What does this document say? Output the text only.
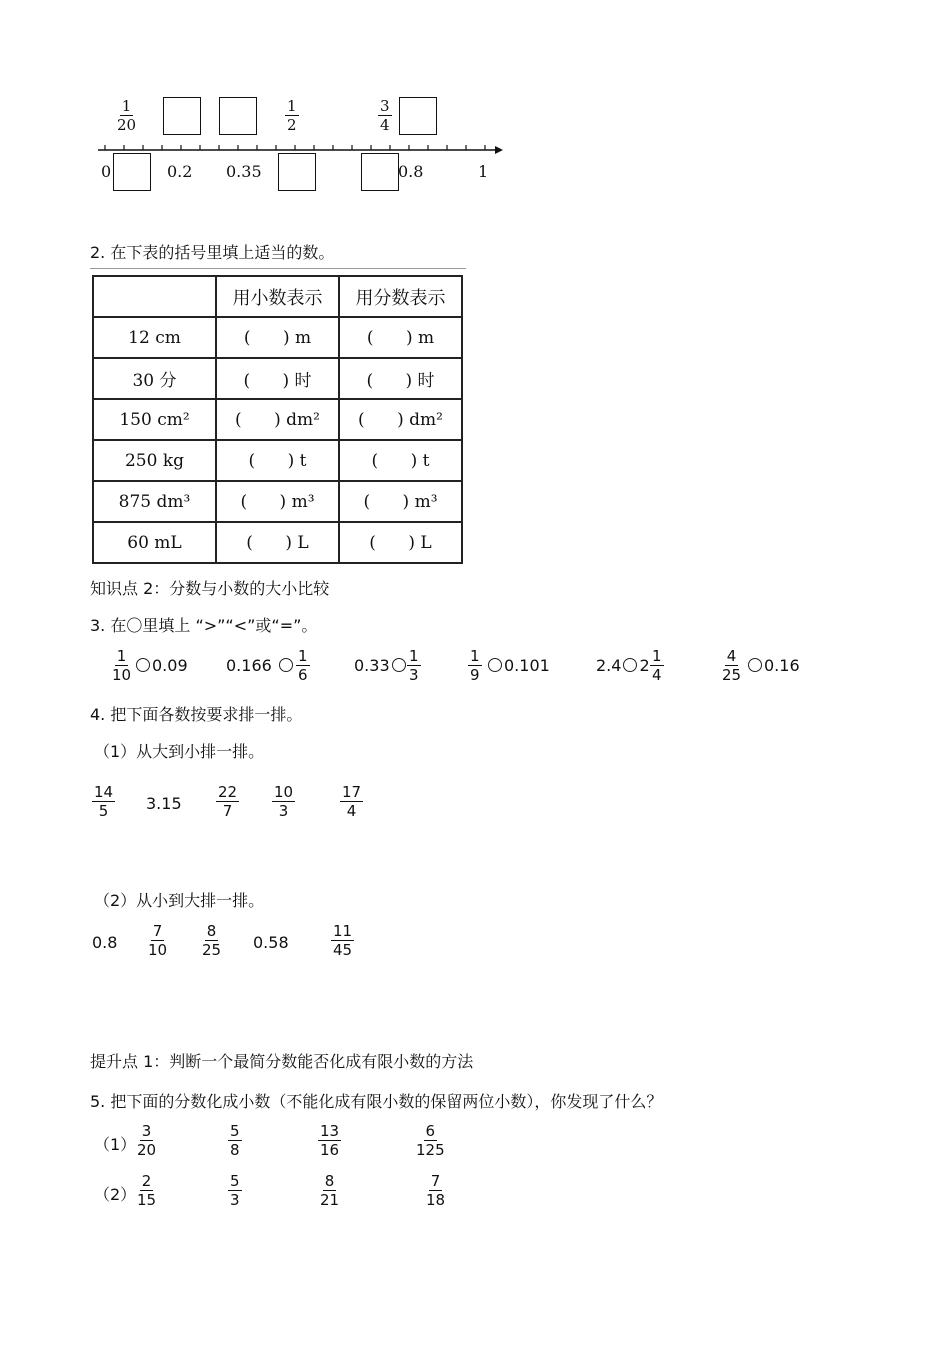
$\frac{1}{20}$	$\frac{1}{2}$	$\frac{3}{4}$
0	0.2 0.35	0.8	1
2. 在下表的括号里填上适当的数。
	用小数表示	用分数表示
12 cm	(      ) m	(      ) m
30 分	(      ) 时	(      ) 时
150 cm²	(      ) dm²	(      ) dm²
250 kg	(      ) t	(      ) t
875 dm³	(      ) m³	(      ) m³
60 mL	(      ) L	(      ) L
知识点 2：分数与小数的大小比较
3. 在〇里填上 “>”“<”或“=”。
$\frac{1}{10}$	0.09 0.166	$\frac{1}{6}$	0.33	$\frac{1}{3}$	$\frac{1}{9}$	0.101	2.4 $2 \frac{1}{4}$	$\frac{4}{25}$	0.16
4. 把下面各数按要求排一排。
（1）从大到小排一排。
$\frac{14}{5} 3.15 \frac{22}{7} \frac{10}{3}$	$\frac{17}{4}$
（2）从小到大排一排。
$0.8 \frac{7}{10} \frac{8}{25} 0.58$	$\frac{11}{45}$
提升点 1：判断一个最简分数能否化成有限小数的方法
5. 把下面的分数化成小数（不能化成有限小数的保留两位小数），你发现了什么？
（1）
$\frac{3}{20}$	$\frac{5}{8}$	$\frac{13}{16}$	$\frac{6}{125}$
（2）
$\frac{2}{15}$	$\frac{5}{3}$	$\frac{8}{21}$	$\frac{7}{18}$
